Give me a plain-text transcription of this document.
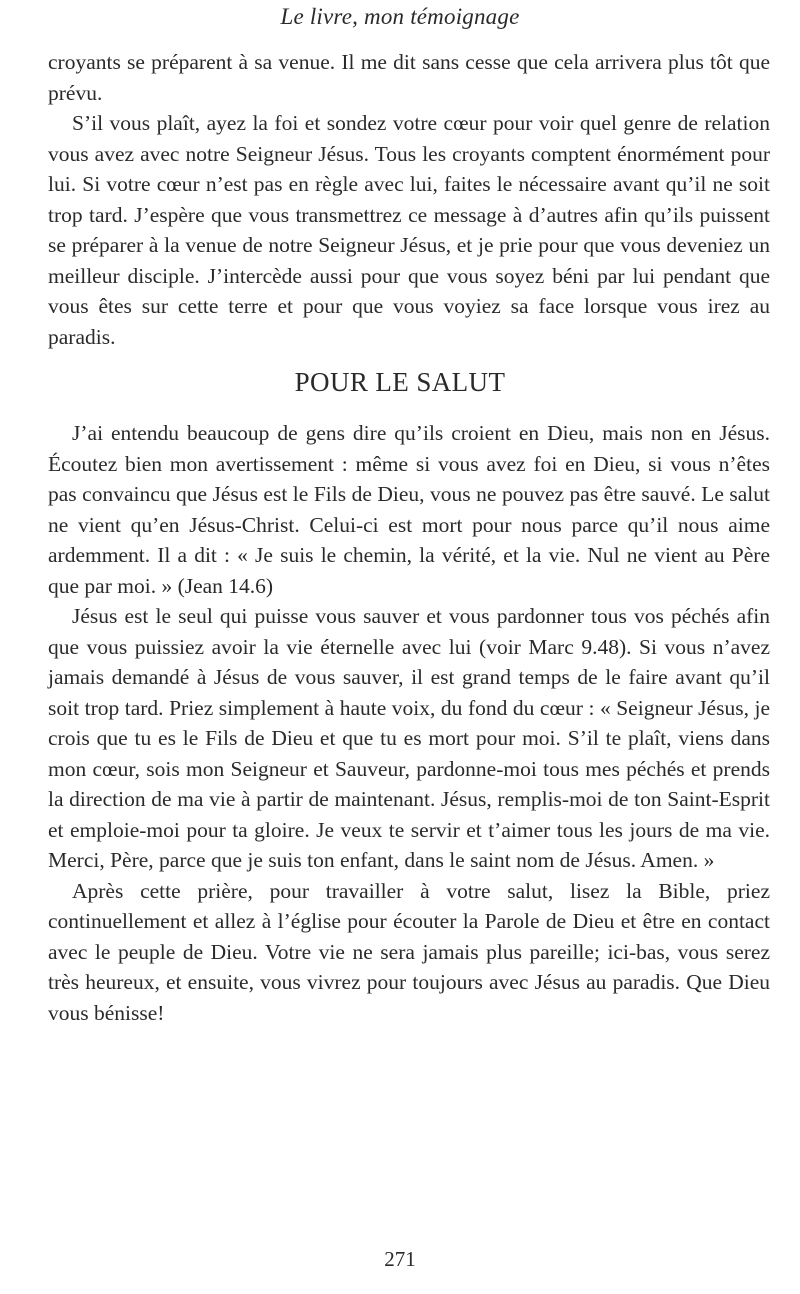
Le livre, mon témoignage

croyants se préparent à sa venue. Il me dit sans cesse que cela arrivera plus tôt que prévu.

S’il vous plaît, ayez la foi et sondez votre cœur pour voir quel genre de relation vous avez avec notre Seigneur Jésus. Tous les croyants comptent énormément pour lui. Si votre cœur n’est pas en règle avec lui, faites le nécessaire avant qu’il ne soit trop tard. J’espère que vous transmettrez ce message à d’autres afin qu’ils puissent se préparer à la venue de notre Seigneur Jésus, et je prie pour que vous deveniez un meilleur disciple. J’intercède aussi pour que vous soyez béni par lui pendant que vous êtes sur cette terre et pour que vous voyiez sa face lorsque vous irez au paradis.

POUR LE SALUT

J’ai entendu beaucoup de gens dire qu’ils croient en Dieu, mais non en Jésus. Écoutez bien mon avertissement : même si vous avez foi en Dieu, si vous n’êtes pas convaincu que Jésus est le Fils de Dieu, vous ne pouvez pas être sauvé. Le salut ne vient qu’en Jésus-Christ. Celui-ci est mort pour nous parce qu’il nous aime ardemment. Il a dit : « Je suis le chemin, la vérité, et la vie. Nul ne vient au Père que par moi. » (Jean 14.6)

Jésus est le seul qui puisse vous sauver et vous pardonner tous vos péchés afin que vous puissiez avoir la vie éternelle avec lui (voir Marc 9.48). Si vous n’avez jamais demandé à Jésus de vous sauver, il est grand temps de le faire avant qu’il soit trop tard. Priez simplement à haute voix, du fond du cœur : « Seigneur Jésus, je crois que tu es le Fils de Dieu et que tu es mort pour moi. S’il te plaît, viens dans mon cœur, sois mon Seigneur et Sauveur, pardonne-moi tous mes péchés et prends la direction de ma vie à partir de maintenant. Jésus, remplis-moi de ton Saint-Esprit et emploie-moi pour ta gloire. Je veux te servir et t’aimer tous les jours de ma vie. Merci, Père, parce que je suis ton enfant, dans le saint nom de Jésus. Amen. »

Après cette prière, pour travailler à votre salut, lisez la Bible, priez continuellement et allez à l’église pour écouter la Parole de Dieu et être en contact avec le peuple de Dieu. Votre vie ne sera jamais plus pareille; ici-bas, vous serez très heureux, et ensuite, vous vivrez pour toujours avec Jésus au paradis. Que Dieu vous bénisse!

271
